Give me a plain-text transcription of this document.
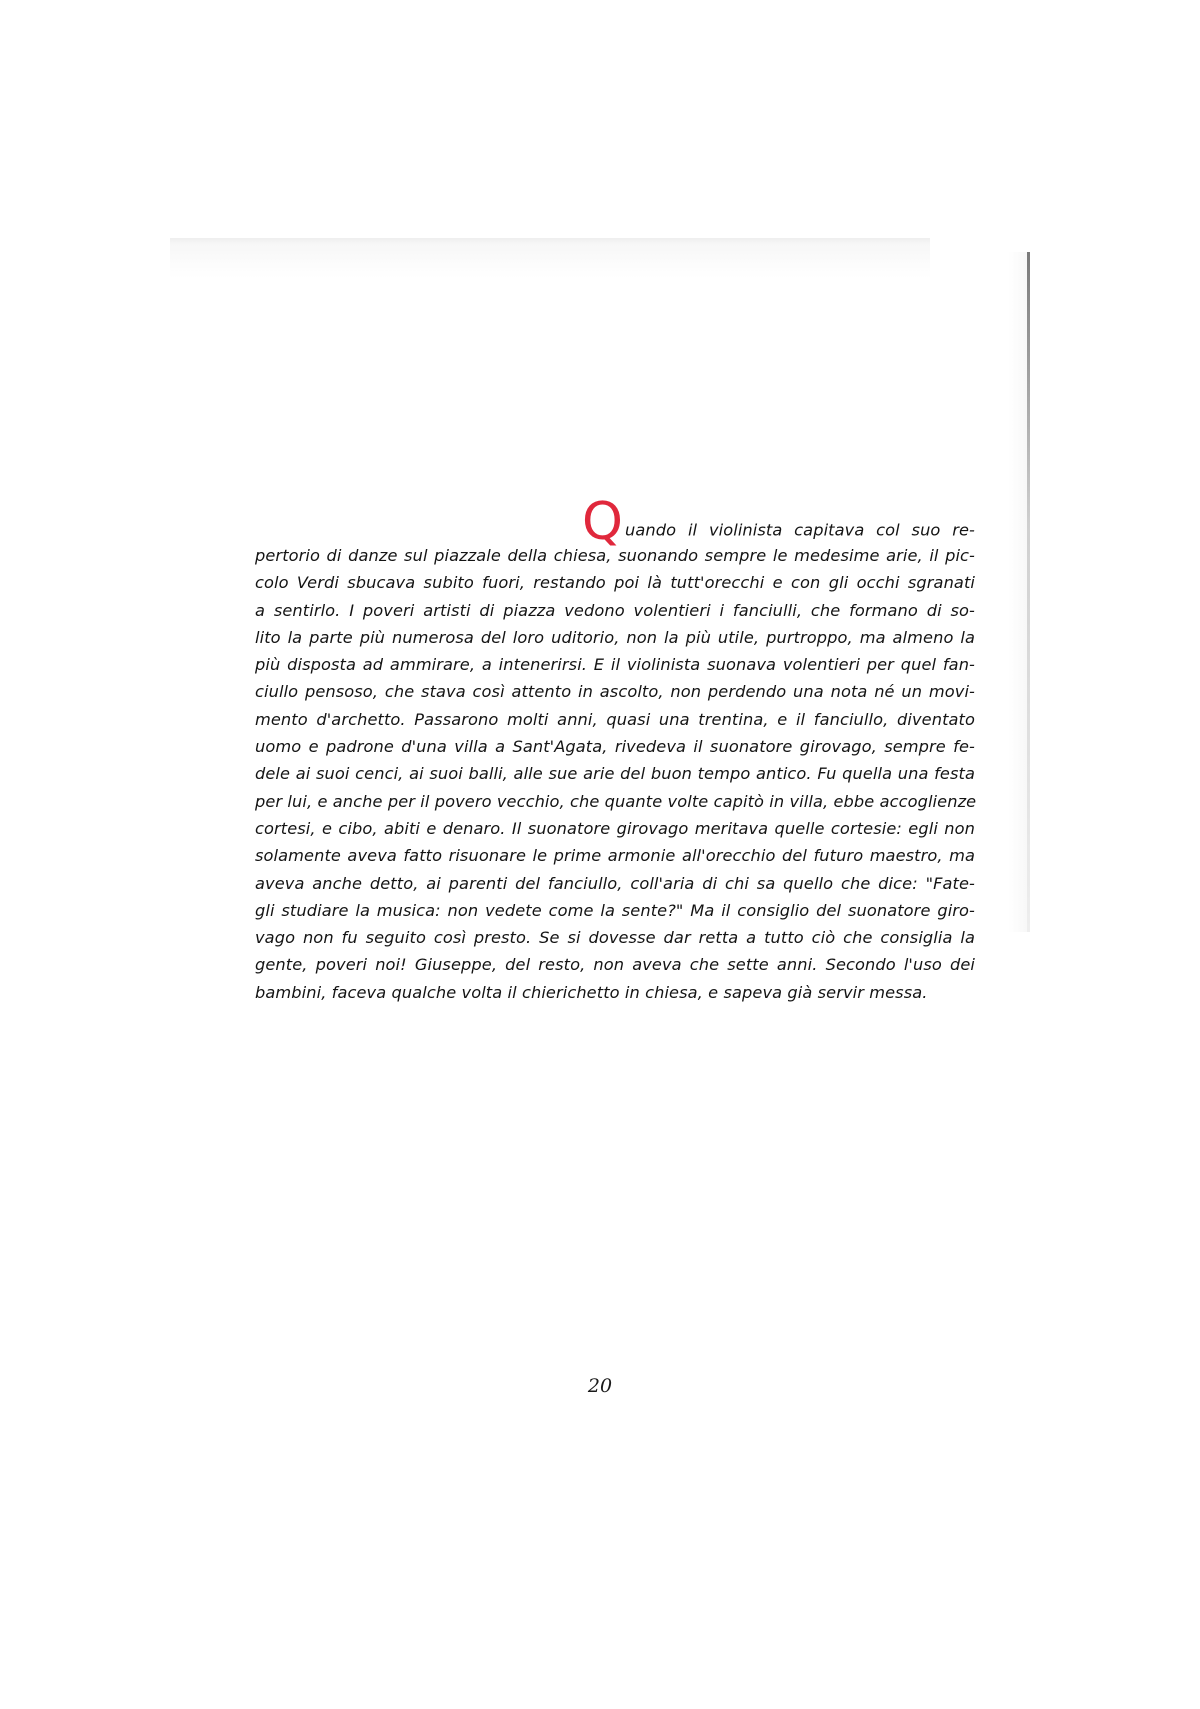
Quando il violinista capitava col suo re-
pertorio di danze sul piazzale della chiesa, suonando sempre le medesime arie, il pic-
colo Verdi sbucava subito fuori, restando poi là tutt'orecchi e con gli occhi sgranati
a sentirlo. I poveri artisti di piazza vedono volentieri i fanciulli, che formano di so-
lito la parte più numerosa del loro uditorio, non la più utile, purtroppo, ma almeno la
più disposta ad ammirare, a intenerirsi. E il violinista suonava volentieri per quel fan-
ciullo pensoso, che stava così attento in ascolto, non perdendo una nota né un movi-
mento d'archetto. Passarono molti anni, quasi una trentina, e il fanciullo, diventato
uomo e padrone d'una villa a Sant'Agata, rivedeva il suonatore girovago, sempre fe-
dele ai suoi cenci, ai suoi balli, alle sue arie del buon tempo antico. Fu quella una festa
per lui, e anche per il povero vecchio, che quante volte capitò in villa, ebbe accoglienze
cortesi, e cibo, abiti e denaro. Il suonatore girovago meritava quelle cortesie: egli non
solamente aveva fatto risuonare le prime armonie all'orecchio del futuro maestro, ma
aveva anche detto, ai parenti del fanciullo, coll'aria di chi sa quello che dice: "Fate-
gli studiare la musica: non vedete come la sente?" Ma il consiglio del suonatore giro-
vago non fu seguito così presto. Se si dovesse dar retta a tutto ciò che consiglia la
gente, poveri noi! Giuseppe, del resto, non aveva che sette anni. Secondo l'uso dei
bambini, faceva qualche volta il chierichetto in chiesa, e sapeva già servir messa.
20
